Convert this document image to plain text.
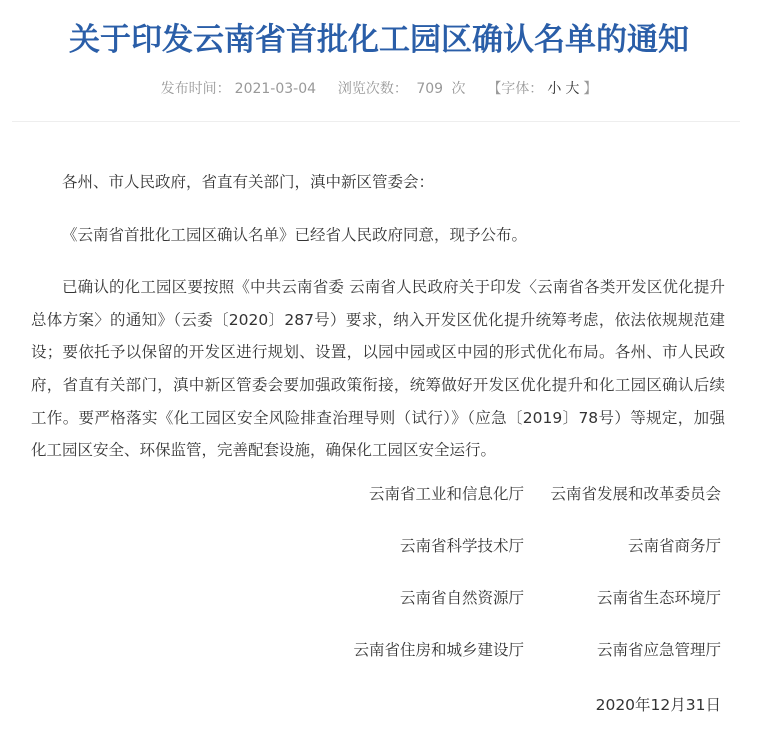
关于印发云南省首批化工园区确认名单的通知
发布时间： 2021-03-04 浏览次数： 709 次 【字体： 小 大 】

各州、市人民政府，省直有关部门，滇中新区管委会：

《云南省首批化工园区确认名单》已经省人民政府同意，现予公布。

已确认的化工园区要按照《中共云南省委 云南省人民政府关于印发〈云南省各类开发区优化提升总体方案〉的通知》（云委〔2020〕287号）要求，纳入开发区优化提升统筹考虑，依法依规规范建设；要依托予以保留的开发区进行规划、设置，以园中园或区中园的形式优化布局。各州、市人民政府，省直有关部门，滇中新区管委会要加强政策衔接，统筹做好开发区优化提升和化工园区确认后续工作。要严格落实《化工园区安全风险排查治理导则（试行）》（应急〔2019〕78号）等规定，加强化工园区安全、环保监管，完善配套设施，确保化工园区安全运行。

云南省工业和信息化厅 云南省发展和改革委员会
云南省科学技术厅	云南省商务厅
云南省自然资源厅	云南省生态环境厅
云南省住房和城乡建设厅	云南省应急管理厅
2020年12月31日
